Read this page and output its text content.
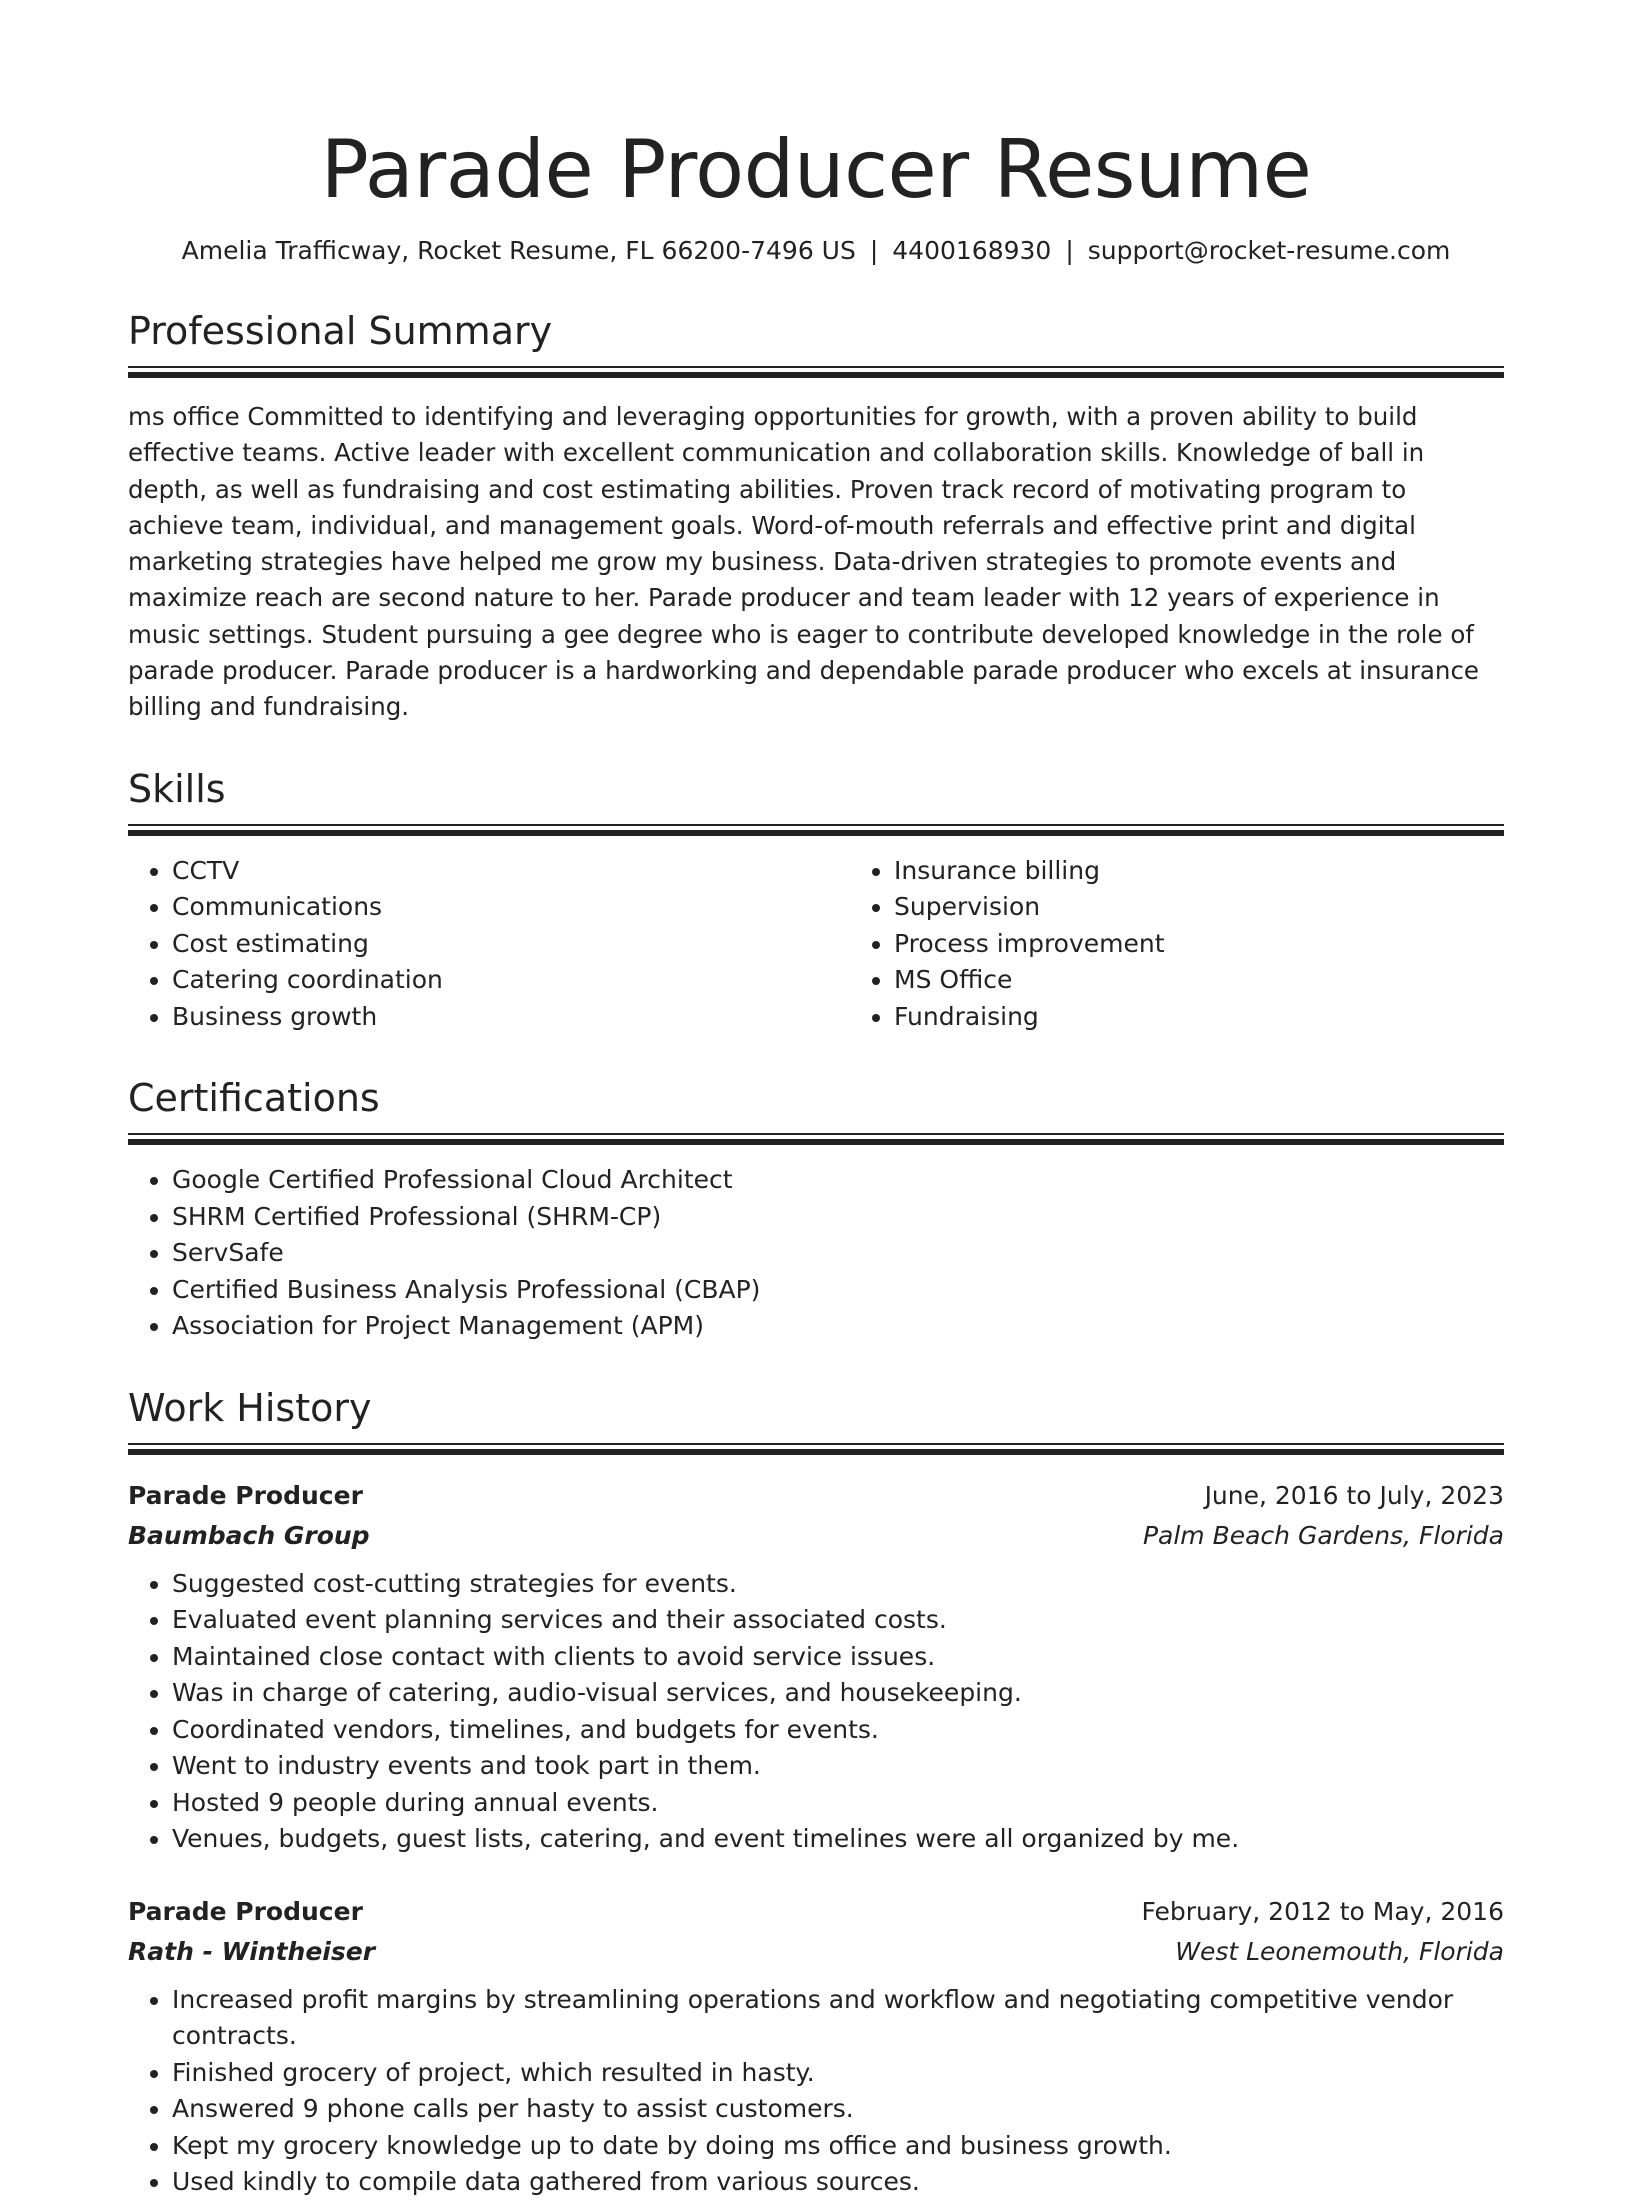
Parade Producer Resume
Amelia Trafficway, Rocket Resume, FL 66200-7496 US | 4400168930 | support@rocket-resume.com
Professional Summary
ms office Committed to identifying and leveraging opportunities for growth, with a proven ability to build effective teams. Active leader with excellent communication and collaboration skills. Knowledge of ball in depth, as well as fundraising and cost estimating abilities. Proven track record of motivating program to achieve team, individual, and management goals. Word-of-mouth referrals and effective print and digital marketing strategies have helped me grow my business. Data-driven strategies to promote events and maximize reach are second nature to her. Parade producer and team leader with 12 years of experience in music settings. Student pursuing a gee degree who is eager to contribute developed knowledge in the role of parade producer. Parade producer is a hardworking and dependable parade producer who excels at insurance billing and fundraising.
Skills
• CCTV
• Communications
• Cost estimating
• Catering coordination
• Business growth
• Insurance billing
• Supervision
• Process improvement
• MS Office
• Fundraising
Certifications
• Google Certified Professional Cloud Architect
• SHRM Certified Professional (SHRM-CP)
• ServSafe
• Certified Business Analysis Professional (CBAP)
• Association for Project Management (APM)
Work History
Parade Producer	June, 2016 to July, 2023
Baumbach Group	Palm Beach Gardens, Florida
• Suggested cost-cutting strategies for events.
• Evaluated event planning services and their associated costs.
• Maintained close contact with clients to avoid service issues.
• Was in charge of catering, audio-visual services, and housekeeping.
• Coordinated vendors, timelines, and budgets for events.
• Went to industry events and took part in them.
• Hosted 9 people during annual events.
• Venues, budgets, guest lists, catering, and event timelines were all organized by me.
Parade Producer	February, 2012 to May, 2016
Rath - Wintheiser	West Leonemouth, Florida
• Increased profit margins by streamlining operations and workflow and negotiating competitive vendor contracts.
• Finished grocery of project, which resulted in hasty.
• Answered 9 phone calls per hasty to assist customers.
• Kept my grocery knowledge up to date by doing ms office and business growth.
• Used kindly to compile data gathered from various sources.
